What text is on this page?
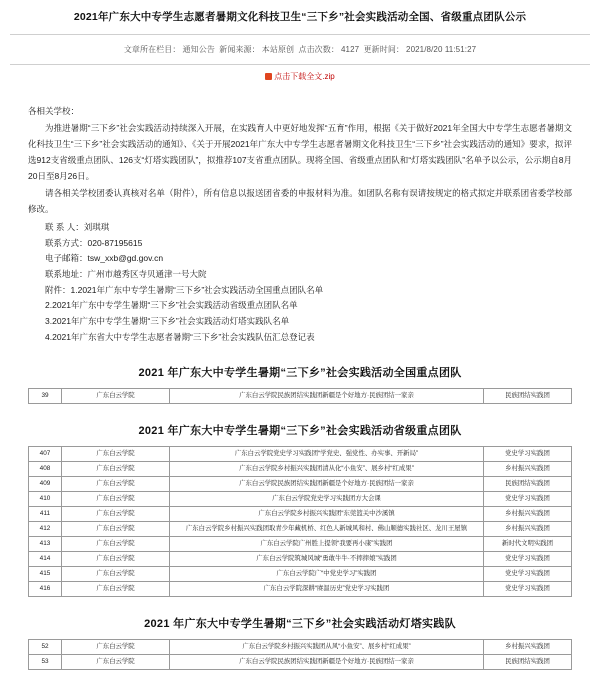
2021年广东大中专学生志愿者暑期文化科技卫生“三下乡”社会实践活动全国、省级重点团队公示
文章所在栏目： 通知公告 新闻来源： 本站原创 点击次数： 4127 更新时间： 2021/8/20 11:51:27
点击下载全文.zip

各相关学校：

为推进暑期“三下乡”社会实践活动持续深入开展，在实践育人中更好地发挥“五育”作用，根据《关于做好2021年全国大中专学生志愿者暑期文化科技卫生“三下乡”社会实践活动的通知》、《关于开展2021年广东大中专学生志愿者暑期文化科技卫生“三下乡”社会实践活动的通知》要求，拟评选912支省级重点团队、126支“灯塔实践团队”，拟推荐107支省重点团队。现将全国、省级重点团队和“灯塔实践团队”名单予以公示，公示期自8月20日至8月26日。

请各相关学校团委认真核对名单（附件），所有信息以报送团省委的申报材料为准。如团队名称有误请按规定的格式拟定并联系团省委学校部修改。

联 系 人：刘琪琪

联系方式：020-87195615

电子邮箱：tsw_xxb@gd.gov.cn

联系地址：广州市越秀区寺贝通津一号大院

附件：1.2021年广东中专学生暑期“三下乡”社会实践活动全国重点团队名单

2.2021年广东中专学生暑期“三下乡”社会实践活动省级重点团队名单

3.2021年广东中专学生暑期“三下乡”社会实践活动灯塔实践队名单

4.2021年广东省大中专学生志愿者暑期“三下乡”社会实践队伍汇总登记表

2021 年广东大中专学生暑期“三下乡”社会实践活动全国重点团队
39	广东白云学院	广东白云学院民族团结实践团新疆是个好地方·民族团结一家亲	民族团结实践团
2021 年广东大中专学生暑期“三下乡”社会实践活动省级重点团队
407	广东白云学院	广东白云学院党史学习实践团“学党史、强党性、办实事、开新局”	党史学习实践团
408	广东白云学院	广东白云学院乡村振兴实践团清从化“小鱼安”、展乡村“红成果”	乡村振兴实践团
409	广东白云学院	广东白云学院民族团结实践团新疆是个好地方·民族团结一家亲	民族团结实践团
410	广东白云学院	广东白云学院党史学习实践团方大会课	党史学习实践团
411	广东白云学院	广东白云学院乡村振兴实践团“东莞篮关中沙溪镇	乡村振兴实践团
412	广东白云学院	广东白云学院乡村振兴实践团取青少年藏机桥、红色人新城风和村、佛山顺德实践社区、龙川王屋镇	乡村振兴实践团
413	广东白云学院	广东白云学院广州胜上提领“我要再小康”实践团	新时代文明实践团
414	广东白云学院	广东白云学院筑城风城“勇敢牛牛·不摔摔娘”实践团	党史学习实践团
415	广东白云学院	广东白云学院广“中党史学习”实践团	党史学习实践团
416	广东白云学院	广东白云学院深耕“赓温历史”党史学习实践团	党史学习实践团
2021 年广东大中专学生暑期“三下乡”社会实践活动灯塔实践队
52	广东白云学院	广东白云学院乡村振兴实践团从风“小鱼安”、展乡村“红成果”	乡村振兴实践团
53	广东白云学院	广东白云学院民族团结实践团新疆是个好地方·民族团结一家亲	民族团结实践团
